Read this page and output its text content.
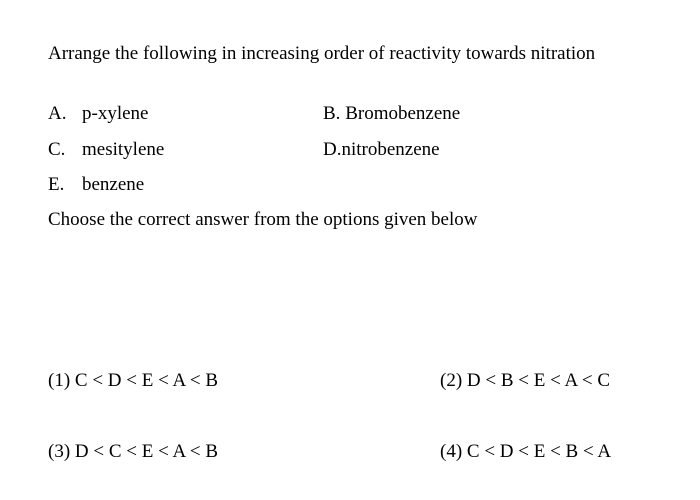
Arrange the following in increasing order of reactivity towards nitration
A. p-xylene	B. Bromobenzene
C. mesitylene	D.nitrobenzene
E. benzene
Choose the correct answer from the options given below
(1) C < D < E < A < B	(2) D < B < E < A < C
(3) D < C < E < A < B	(4) C < D < E < B < A
